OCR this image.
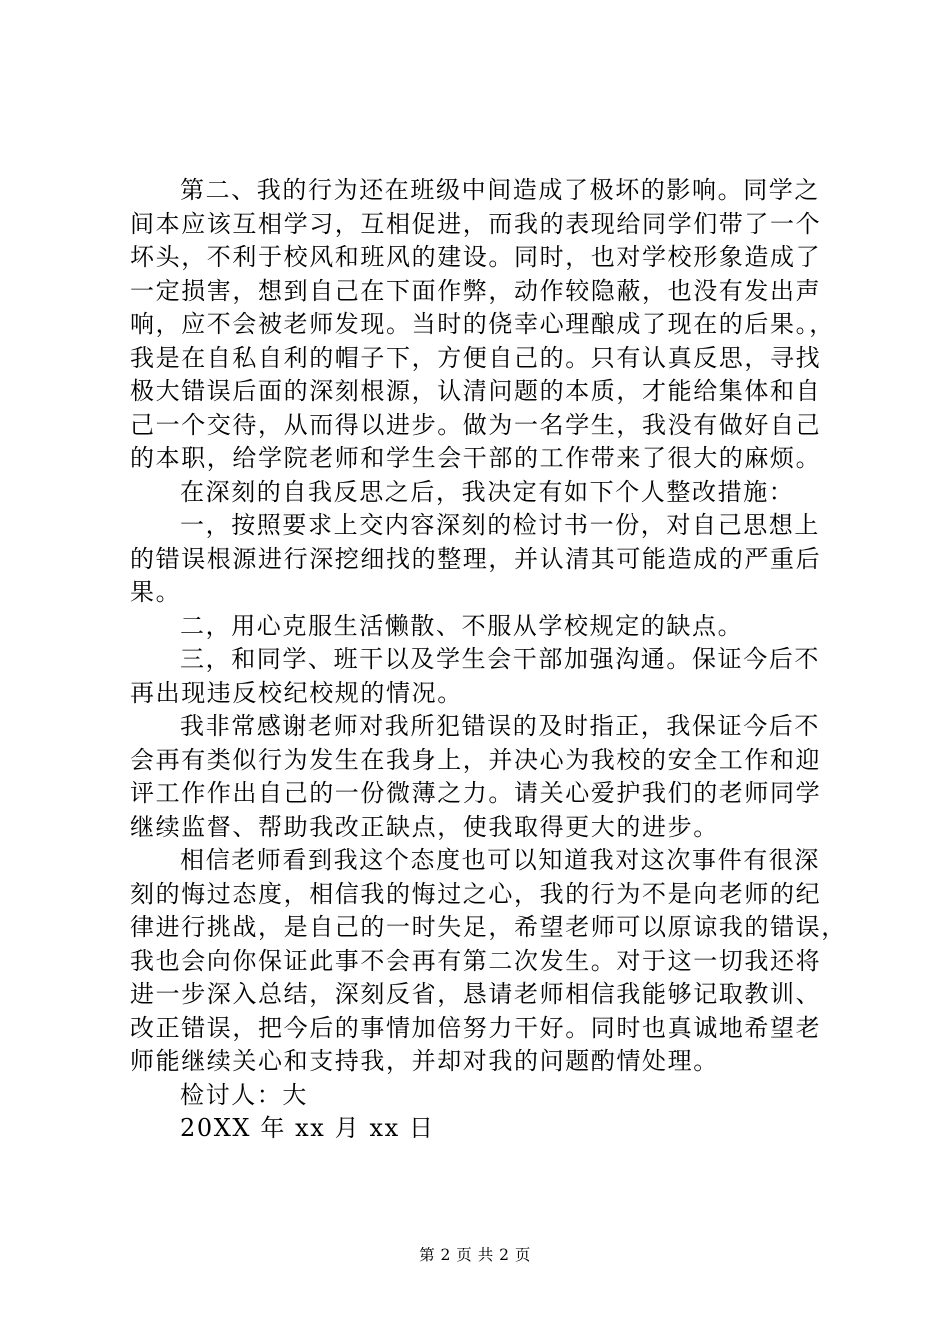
第二、我的行为还在班级中间造成了极坏的影响。同学之
间本应该互相学习，互相促进，而我的表现给同学们带了一个
坏头，不利于校风和班风的建设。同时，也对学校形象造成了
一定损害，想到自己在下面作弊，动作较隐蔽，也没有发出声
响，应不会被老师发现。当时的侥幸心理酿成了现在的后果。，
我是在自私自利的帽子下，方便自己的。只有认真反思，寻找
极大错误后面的深刻根源，认清问题的本质，才能给集体和自
己一个交待，从而得以进步。做为一名学生，我没有做好自己
的本职，给学院老师和学生会干部的工作带来了很大的麻烦。
在深刻的自我反思之后，我决定有如下个人整改措施：
一，按照要求上交内容深刻的检讨书一份，对自己思想上
的错误根源进行深挖细找的整理，并认清其可能造成的严重后
果。
二，用心克服生活懒散、不服从学校规定的缺点。
三，和同学、班干以及学生会干部加强沟通。保证今后不
再出现违反校纪校规的情况。
我非常感谢老师对我所犯错误的及时指正，我保证今后不
会再有类似行为发生在我身上，并决心为我校的安全工作和迎
评工作作出自己的一份微薄之力。请关心爱护我们的老师同学
继续监督、帮助我改正缺点，使我取得更大的进步。
相信老师看到我这个态度也可以知道我对这次事件有很深
刻的悔过态度，相信我的悔过之心，我的行为不是向老师的纪
律进行挑战，是自己的一时失足，希望老师可以原谅我的错误，
我也会向你保证此事不会再有第二次发生。对于这一切我还将
进一步深入总结，深刻反省，恳请老师相信我能够记取教训、
改正错误，把今后的事情加倍努力干好。同时也真诚地希望老
师能继续关心和支持我，并却对我的问题酌情处理。
检讨人：大
20XX 年 xx 月 xx 日
第 2 页 共 2 页
